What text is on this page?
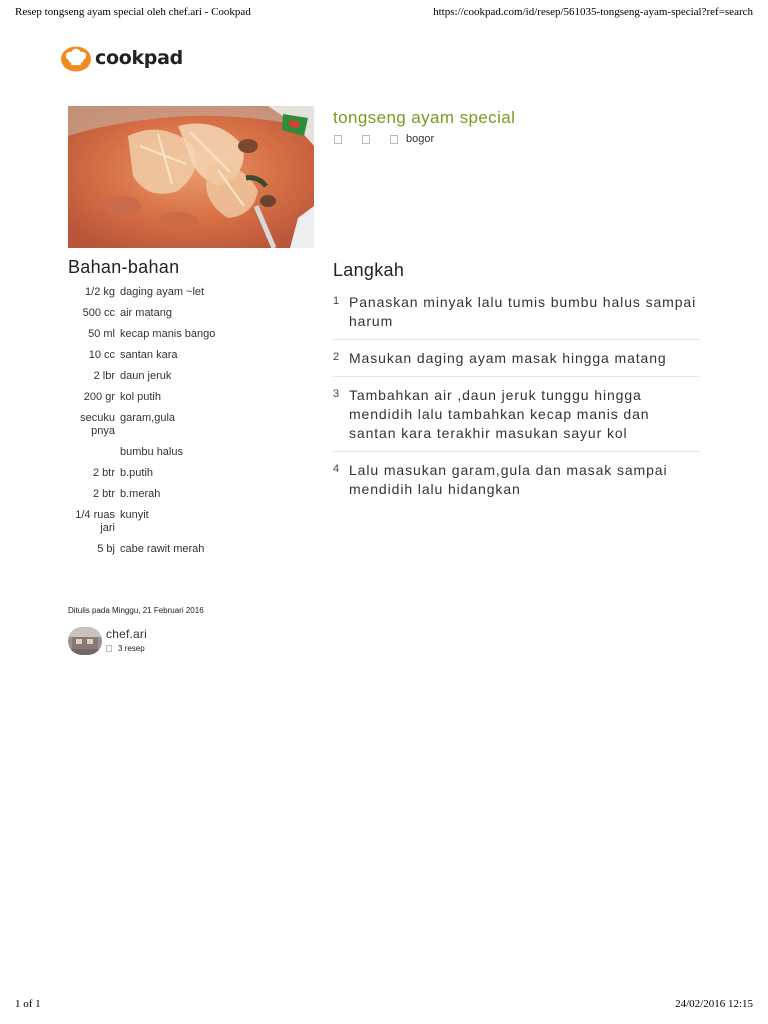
Resep tongseng ayam special oleh chef.ari - Cookpad	https://cookpad.com/id/resep/561035-tongseng-ayam-special?ref=search
cookpad
tongseng ayam special
bogor
Bahan-bahan
1/2 kg daging ayam ~let
500 cc air matang
50 ml kecap manis bango
10 cc santan kara
2 lbr daun jeruk
200 gr kol putih
secuku pnya
garam,gula
bumbu halus
2 btr b.putih
2 btr b.merah
1/4 ruas jari
kunyit
5 bj cabe rawit merah
Ditulis pada Minggu, 21 Februari 2016
chef.ari
3 resep
Langkah
1 Panaskan minyak lalu tumis bumbu halus sampai harum
2 Masukan daging ayam masak hingga matang
3 Tambahkan air ,daun jeruk tunggu hingga mendidih lalu tambahkan kecap manis dan santan kara terakhir masukan sayur kol
4 Lalu masukan garam,gula dan masak sampai mendidih lalu hidangkan
1 of 1	24/02/2016 12:15
